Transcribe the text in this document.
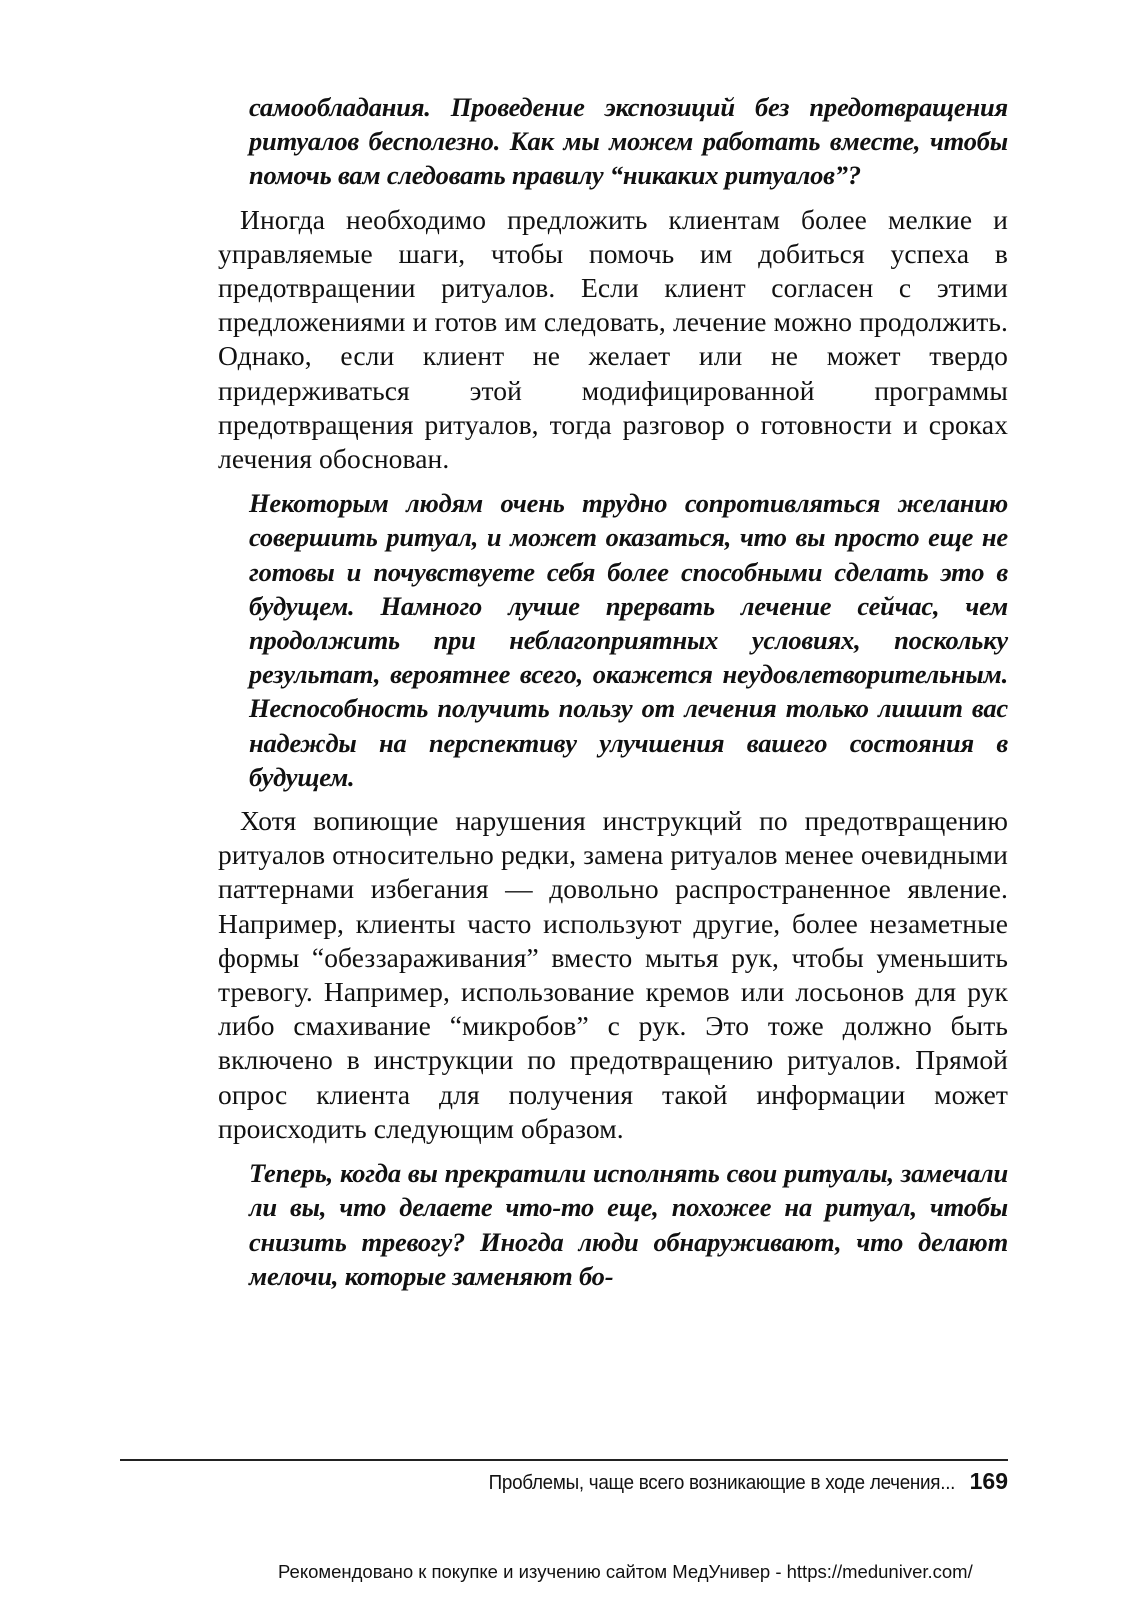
самообладания. Проведение экспозиций без предотвращения ритуалов бесполезно. Как мы можем работать вместе, чтобы помочь вам следовать правилу “никаких ритуалов”?

Иногда необходимо предложить клиентам более мелкие и управляемые шаги, чтобы помочь им добиться успеха в предотвращении ритуалов. Если клиент согласен с этими предложениями и готов им следовать, лечение можно продолжить. Однако, если клиент не желает или не может твердо придерживаться этой модифицированной программы предотвращения ритуалов, тогда разговор о готовности и сроках лечения обоснован.

Некоторым людям очень трудно сопротивляться желанию совершить ритуал, и может оказаться, что вы просто еще не готовы и почувствуете себя более способными сделать это в будущем. Намного лучше прервать лечение сейчас, чем продолжить при неблагоприятных условиях, поскольку результат, вероятнее всего, окажется неудовлетворительным. Неспособность получить пользу от лечения только лишит вас надежды на перспективу улучшения вашего состояния в будущем.

Хотя вопиющие нарушения инструкций по предотвращению ритуалов относительно редки, замена ритуалов менее очевидными паттернами избегания — довольно распространенное явление. Например, клиенты часто используют другие, более незаметные формы “обеззараживания” вместо мытья рук, чтобы уменьшить тревогу. Например, использование кремов или лосьонов для рук либо смахивание “микробов” с рук. Это тоже должно быть включено в инструкции по предотвращению ритуалов. Прямой опрос клиента для получения такой информации может происходить следующим образом.

Теперь, когда вы прекратили исполнять свои ритуалы, замечали ли вы, что делаете что-то еще, похожее на ритуал, чтобы снизить тревогу? Иногда люди обнаруживают, что делают мелочи, которые заменяют бо-

Проблемы, чаще всего возникающие в ходе лечения... 169
Рекомендовано к покупке и изучению сайтом МедУнивер - https://meduniver.com/
